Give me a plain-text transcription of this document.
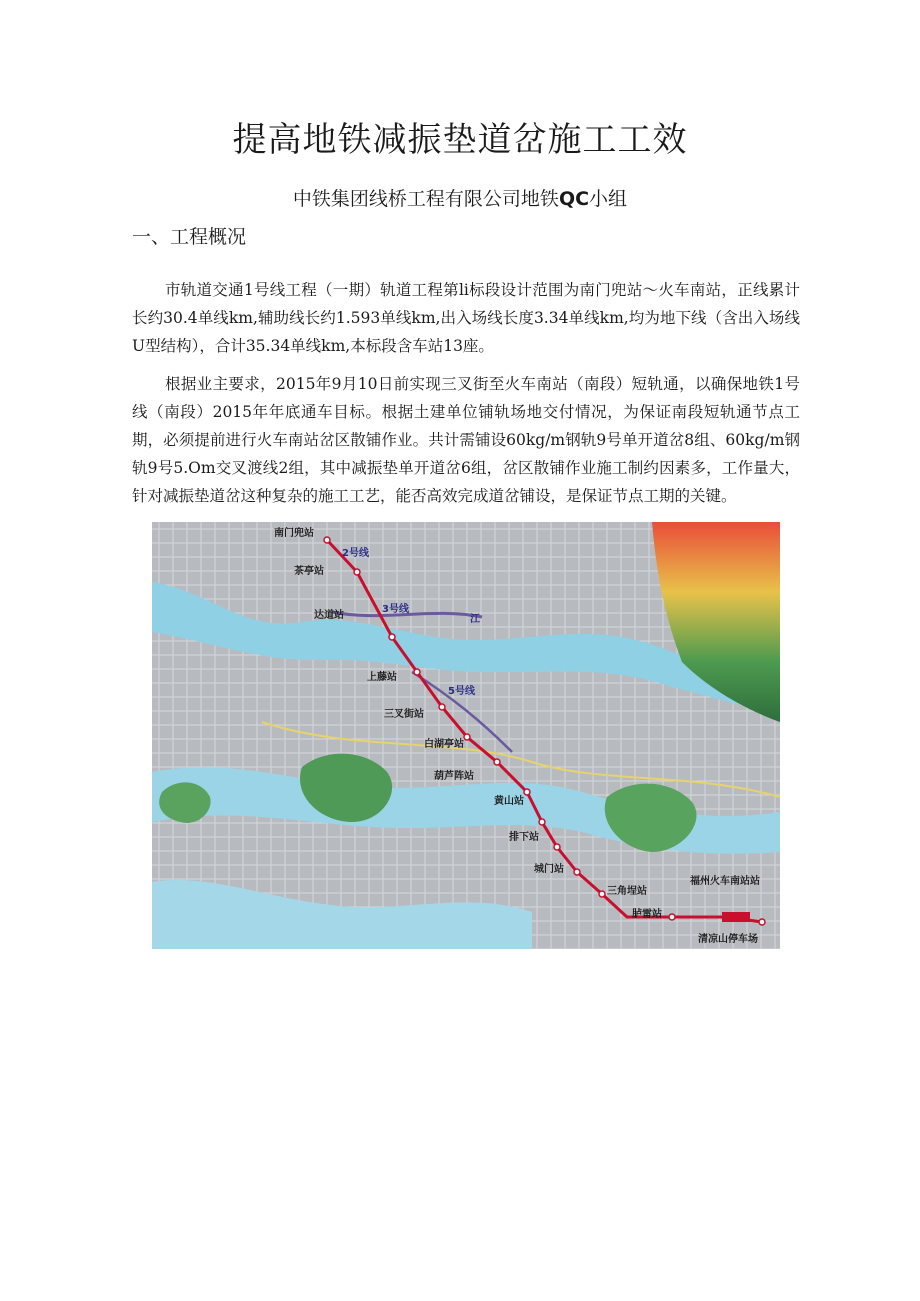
提高地铁减振垫道岔施工工效
中铁集团线桥工程有限公司地铁QC小组
一、工程概况

市轨道交通1号线工程（一期）轨道工程第li标段设计范围为南门兜站～火车南站，正线累计长约30.4单线km,辅助线长约1.593单线km,出入场线长度3.34单线km,均为地下线（含出入场线U型结构），合计35.34单线km,本标段含车站13座。

根据业主要求，2015年9月10日前实现三叉街至火车南站（南段）短轨通，以确保地铁1号线（南段）2015年年底通车目标。根据土建单位铺轨场地交付情况，为保证南段短轨通节点工期，必须提前进行火车南站岔区散铺作业。共计需铺设60kg/m钢轨9号单开道岔8组、60kg/m钢轨9号5.Om交叉渡线2组，其中减振垫单开道岔6组，岔区散铺作业施工制约因素多，工作量大，针对减振垫道岔这种复杂的施工工艺，能否高效完成道岔铺设，是保证节点工期的关键。

南门兜站
茶亭站
达道站
上藤站
三叉街站
白湖亭站
葫芦阵站
黄山站
排下站
城门站
三角埕站
胪雷站
福州火车南站站
清凉山停车场
3号线
5号线
2号线
江
